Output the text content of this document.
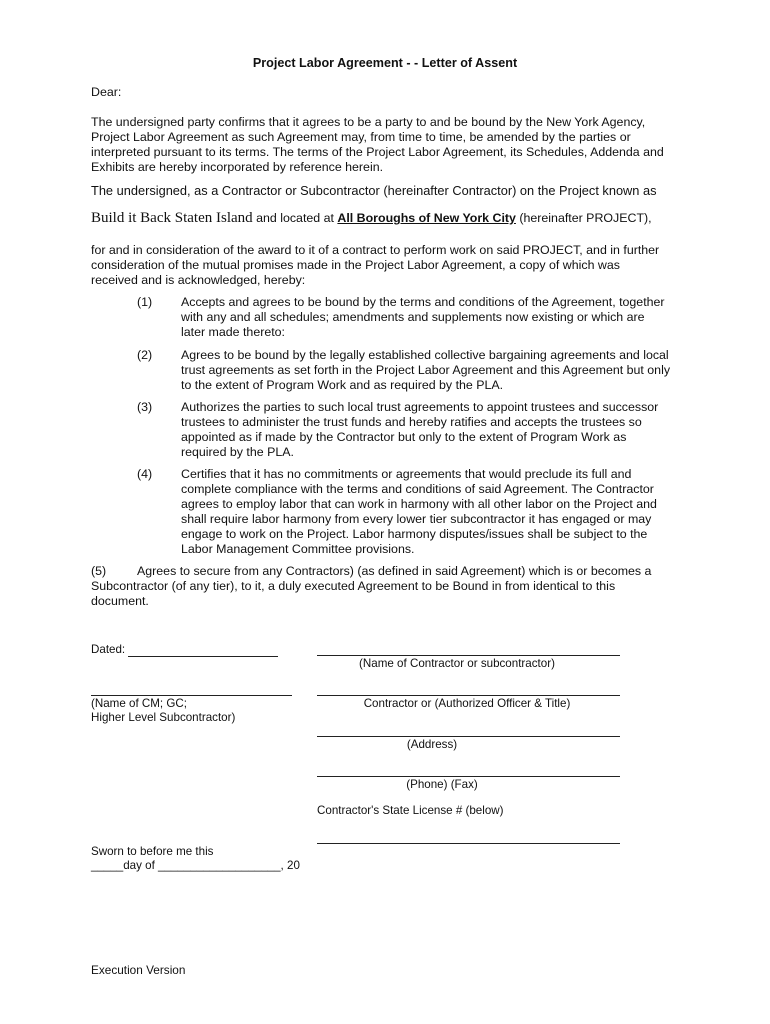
Project Labor Agreement - - Letter of Assent
Dear:
The undersigned party confirms that it agrees to be a party to and be bound by the New York Agency,
Project Labor Agreement as such Agreement may, from time to time, be amended by the parties or
interpreted pursuant to its terms. The terms of the Project Labor Agreement, its Schedules, Addenda and
Exhibits are hereby incorporated by reference herein.
The undersigned, as a Contractor or Subcontractor (hereinafter Contractor) on the Project known as
Build it Back Staten Island and located at All Boroughs of New York City (hereinafter PROJECT),
for and in consideration of the award to it of a contract to perform work on said PROJECT, and in further
consideration of the mutual promises made in the Project Labor Agreement, a copy of which was
received and is acknowledged, hereby:
(1)	Accepts and agrees to be bound by the terms and conditions of the Agreement, together
with any and all schedules; amendments and supplements now existing or which are
later made thereto:
(2)	Agrees to be bound by the legally established collective bargaining agreements and local
trust agreements as set forth in the Project Labor Agreement and this Agreement but only
to the extent of Program Work and as required by the PLA.
(3)	Authorizes the parties to such local trust agreements to appoint trustees and successor
trustees to administer the trust funds and hereby ratifies and accepts the trustees so
appointed as if made by the Contractor but only to the extent of Program Work as
required by the PLA.
(4)	Certifies that it has no commitments or agreements that would preclude its full and
complete compliance with the terms and conditions of said Agreement. The Contractor
agrees to employ labor that can work in harmony with all other labor on the Project and
shall require labor harmony from every lower tier subcontractor it has engaged or may
engage to work on the Project. Labor harmony disputes/issues shall be subject to the
Labor Management Committee provisions.
(5) Agrees to secure from any Contractors) (as defined in said Agreement) which is or becomes a
Subcontractor (of any tier), to it, a duly executed Agreement to be Bound in from identical to this
document.
Dated:
(Name of Contractor or subcontractor)
(Name of CM; GC;
Higher Level Subcontractor)
Contractor or (Authorized Officer & Title)
(Address)
(Phone) (Fax)
Contractor's State License # (below)
Sworn to before me this
_____day of ___________________, 20
Execution Version
